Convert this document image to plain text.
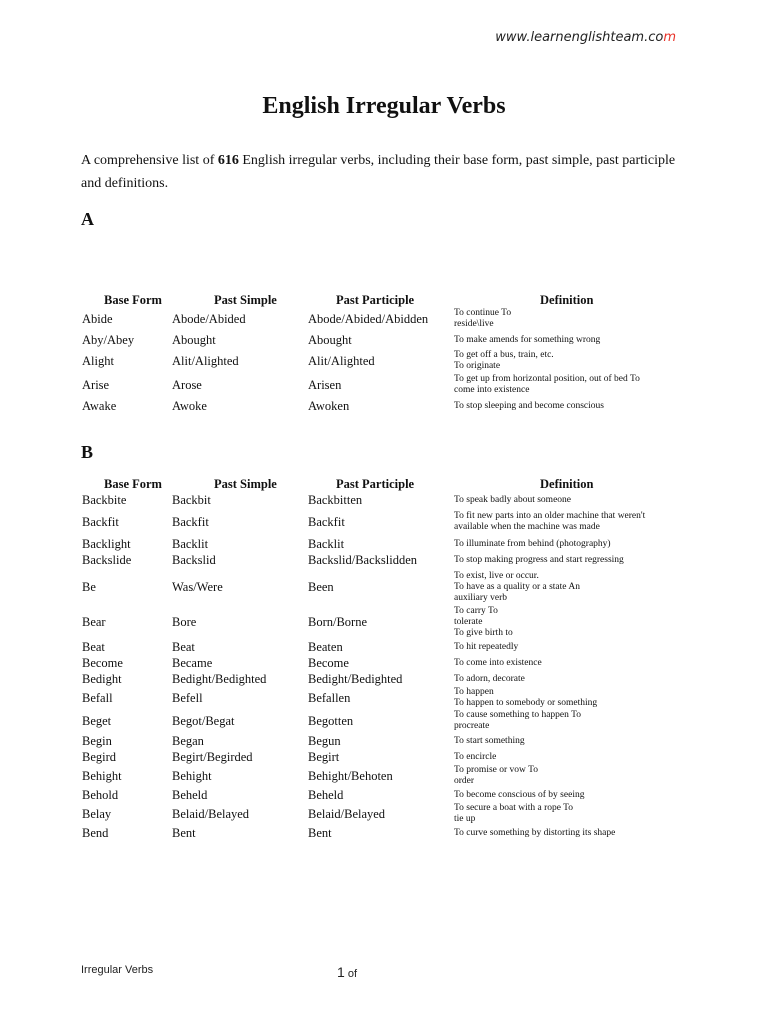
www.learnenglishteam.com
English Irregular Verbs
A comprehensive list of 616 English irregular verbs, including their base form, past simple, past participle and definitions.
A
Base Form	Past Simple	Past Participle	Definition
Abide	Abode/Abided	Abode/Abided/Abidden	To continue To
reside\live
Aby/Abey	Abought	Abought	To make amends for something wrong
Alight	Alit/Alighted	Alit/Alighted	To get off a bus, train, etc.
To originate
Arise	Arose	Arisen	To get up from horizontal position, out of bed To
come into existence
Awake	Awoke	Awoken	To stop sleeping and become conscious
B
Base Form	Past Simple	Past Participle	Definition
Backbite	Backbit	Backbitten	To speak badly about someone
Backfit	Backfit	Backfit	To fit new parts into an older machine that weren't
available when the machine was made
Backlight	Backlit	Backlit	To illuminate from behind (photography)
Backslide	Backslid	Backslid/Backslidden	To stop making progress and start regressing
Be	Was/Were	Been	To exist, live or occur.
To have as a quality or a state An
auxiliary verb
Bear	Bore	Born/Borne	To carry To
tolerate
To give birth to
Beat	Beat	Beaten	To hit repeatedly
Become	Became	Become	To come into existence
Bedight	Bedight/Bedighted	Bedight/Bedighted	To adorn, decorate
Befall	Befell	Befallen	To happen
To happen to somebody or something
Beget	Begot/Begat	Begotten	To cause something to happen To
procreate
Begin	Began	Begun	To start something
Begird	Begirt/Begirded	Begirt	To encircle
Behight	Behight	Behight/Behoten	To promise or vow To
order
Behold	Beheld	Beheld	To become conscious of by seeing
Belay	Belaid/Belayed	Belaid/Belayed	To secure a boat with a rope To
tie up
Bend	Bent	Bent	To curve something by distorting its shape
Irregular Verbs	1 of
